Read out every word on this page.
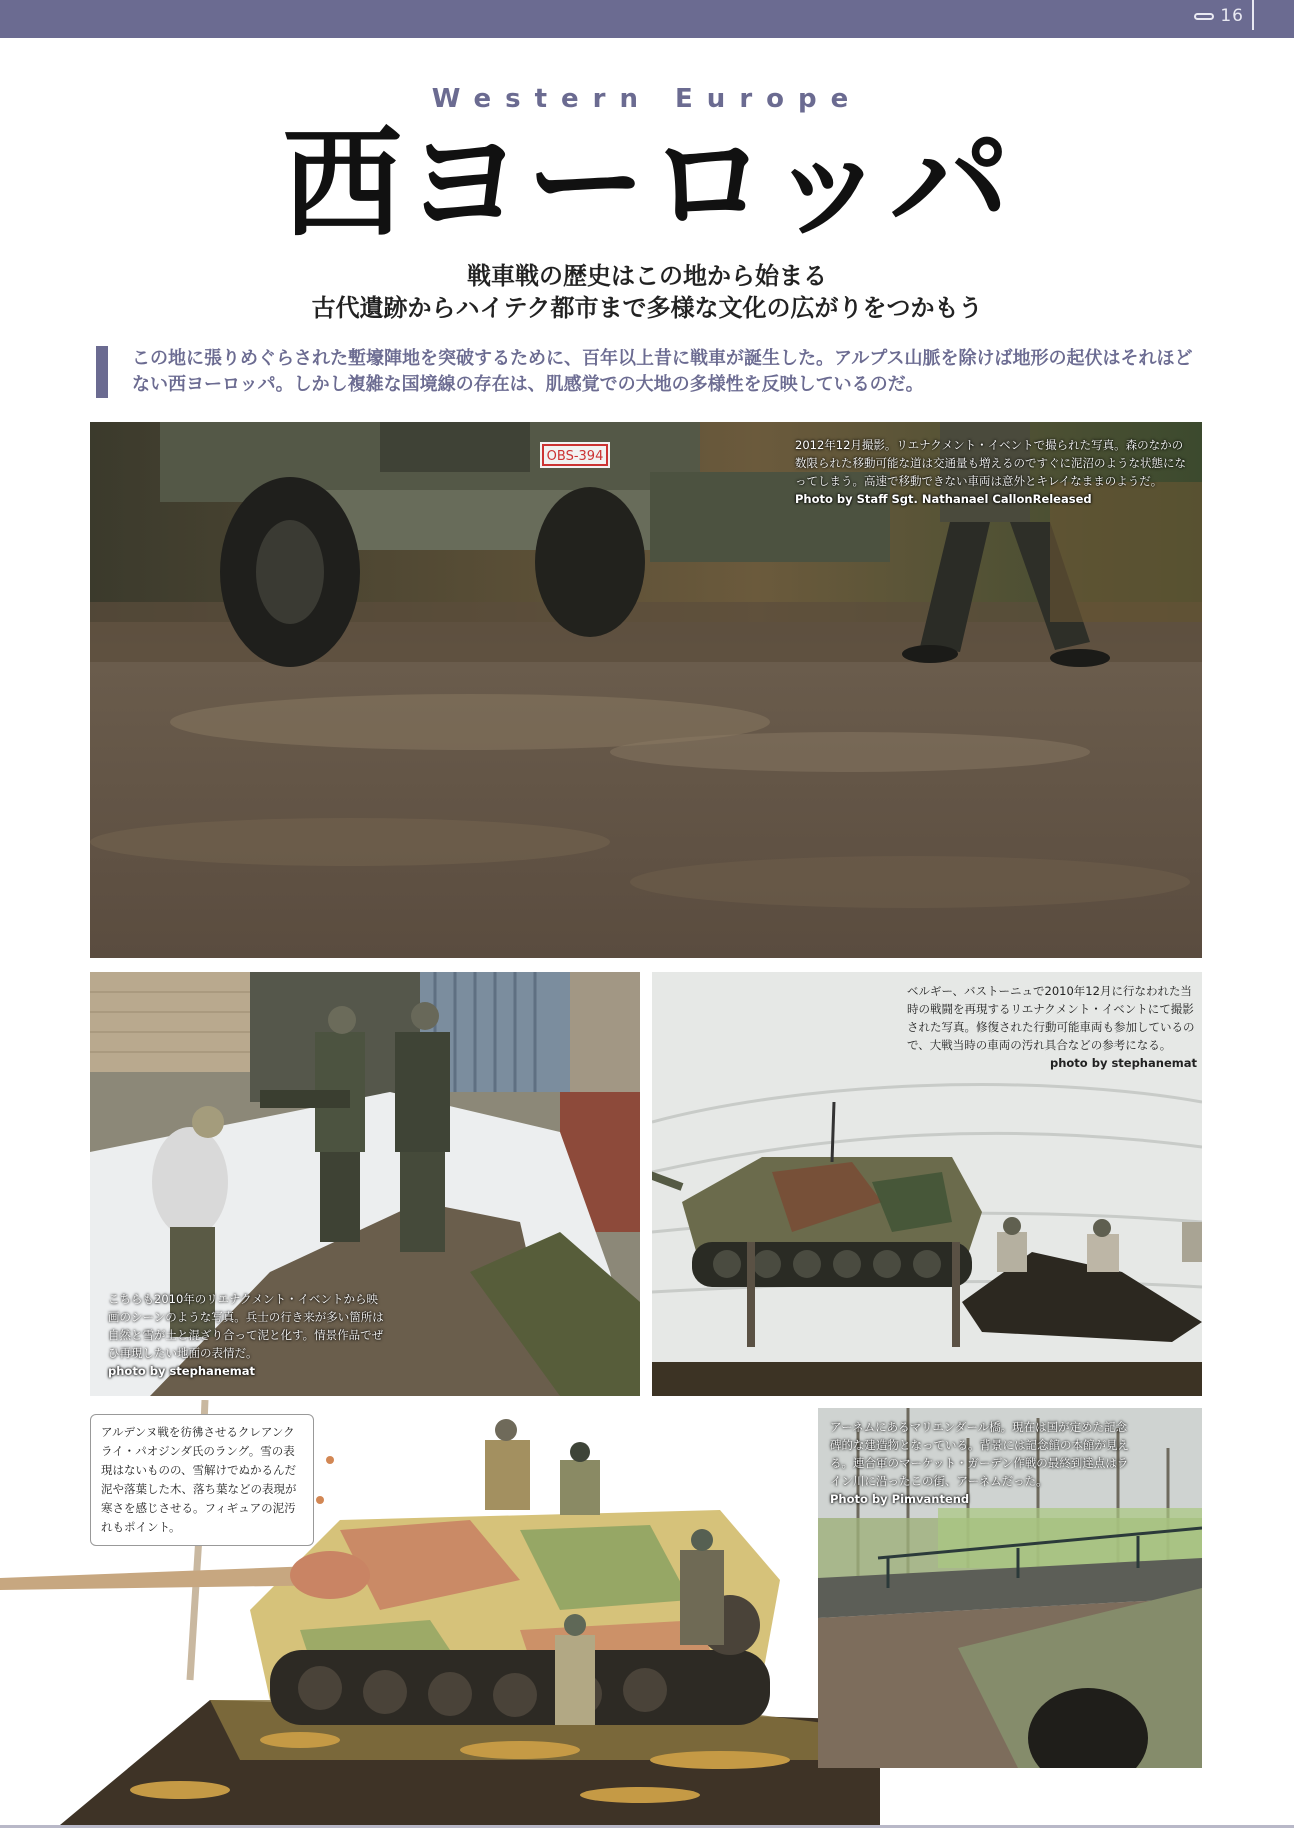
16
Western Europe
西ヨーロッパ
戦車戦の歴史はこの地から始まる
古代遺跡からハイテク都市まで多様な文化の広がりをつかもう
この地に張りめぐらされた塹壕陣地を突破するために、百年以上昔に戦車が誕生した。アルプス山脈を除けば地形の起伏はそれほどない西ヨーロッパ。しかし複雑な国境線の存在は、肌感覚での大地の多様性を反映しているのだ。
OBS-394
2012年12月撮影。リエナクメント・イベントで撮られた写真。森のなかの数限られた移動可能な道は交通量も増えるのですぐに泥沼のような状態になってしまう。高速で移動できない車両は意外とキレイなままのようだ。
Photo by Staff Sgt. Nathanael CallonReleased
こちらも2010年のリエナクメント・イベントから映画のシーンのような写真。兵士の行き来が多い箇所は自然と雪が土と混ざり合って泥と化す。情景作品でぜひ再現したい地面の表情だ。
photo by stephanemat
ベルギー、バストーニュで2010年12月に行なわれた当時の戦闘を再現するリエナクメント・イベントにて撮影された写真。修復された行動可能車両も参加しているので、大戦当時の車両の汚れ具合などの参考になる。
photo by stephanemat
アルデンヌ戦を彷彿させるクレアンクライ・パオジンダ氏のラング。雪の表現はないものの、雪解けでぬかるんだ泥や落葉した木、落ち葉などの表現が寒さを感じさせる。フィギュアの泥汚れもポイント。
アーネムにあるマリエンダール橋。現在は国が定めた記念碑的な建造物となっている。背景には記念館の本館が見える。連合軍のマーケット・ガーデン作戦の最終到達点はライン川に沿ったこの街、アーネムだった。
Photo by Pimvantend
